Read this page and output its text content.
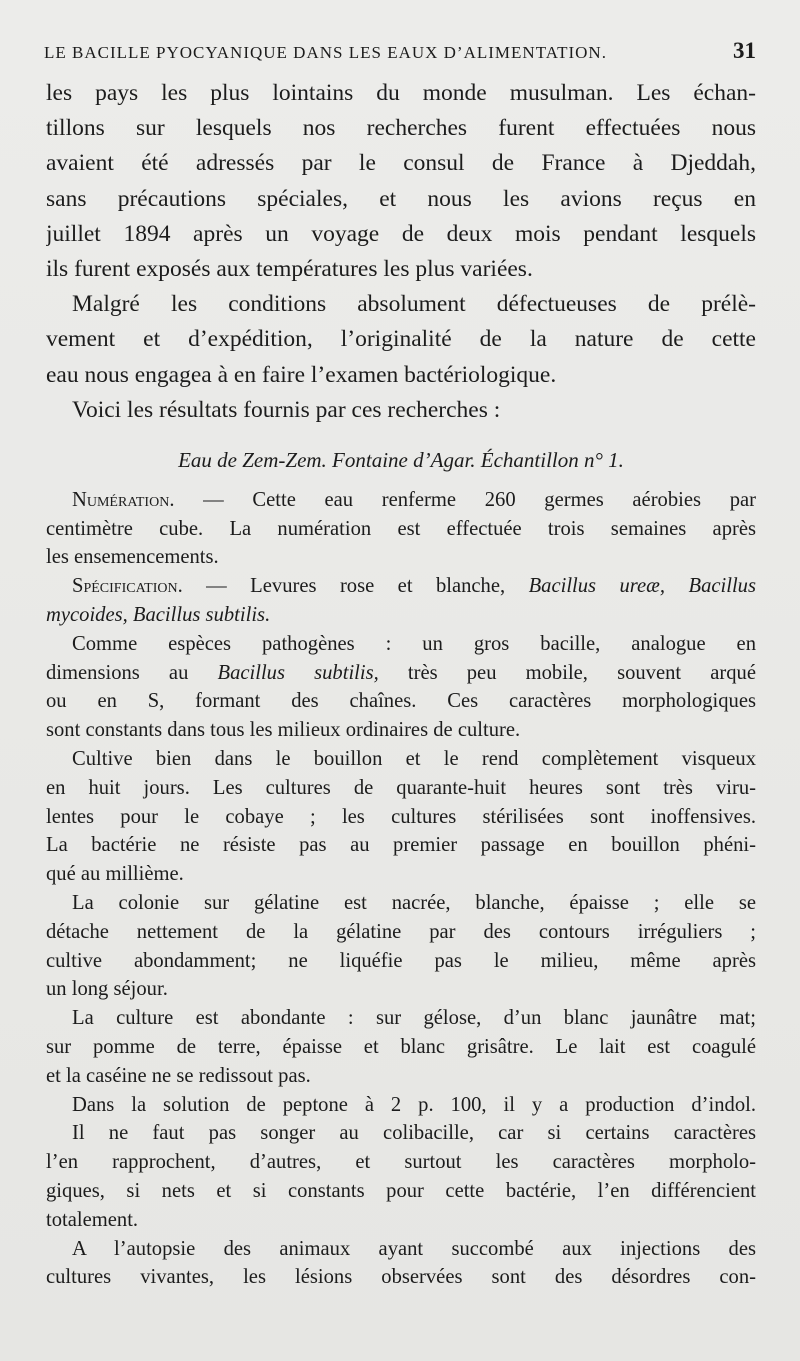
LE BACILLE PYOCYANIQUE DANS LES EAUX D’ALIMENTATION.	31
les pays les plus lointains du monde musulman. Les échan-
tillons sur lesquels nos recherches furent effectuées nous
avaient été adressés par le consul de France à Djeddah,
sans précautions spéciales, et nous les avions reçus en
juillet 1894 après un voyage de deux mois pendant lesquels
ils furent exposés aux températures les plus variées.
Malgré les conditions absolument défectueuses de prélè-
vement et d’expédition, l’originalité de la nature de cette
eau nous engagea à en faire l’examen bactériologique.
Voici les résultats fournis par ces recherches :
Eau de Zem-Zem. Fontaine d’Agar. Échantillon n° 1.
Numération. — Cette eau renferme 260 germes aérobies par
centimètre cube. La numération est effectuée trois semaines après
les ensemencements.
Spécification. — Levures rose et blanche, Bacillus ureæ, Bacillus
mycoides, Bacillus subtilis.
Comme espèces pathogènes : un gros bacille, analogue en
dimensions au Bacillus subtilis, très peu mobile, souvent arqué
ou en S, formant des chaînes. Ces caractères morphologiques
sont constants dans tous les milieux ordinaires de culture.
Cultive bien dans le bouillon et le rend complètement visqueux
en huit jours. Les cultures de quarante-huit heures sont très viru-
lentes pour le cobaye ; les cultures stérilisées sont inoffensives.
La bactérie ne résiste pas au premier passage en bouillon phéni-
qué au millième.
La colonie sur gélatine est nacrée, blanche, épaisse ; elle se
détache nettement de la gélatine par des contours irréguliers ;
cultive abondamment; ne liquéfie pas le milieu, même après
un long séjour.
La culture est abondante : sur gélose, d’un blanc jaunâtre mat;
sur pomme de terre, épaisse et blanc grisâtre. Le lait est coagulé
et la caséine ne se redissout pas.
Dans la solution de peptone à 2 p. 100, il y a production d’indol.
Il ne faut pas songer au colibacille, car si certains caractères
l’en rapprochent, d’autres, et surtout les caractères morpholo-
giques, si nets et si constants pour cette bactérie, l’en différencient
totalement.
A l’autopsie des animaux ayant succombé aux injections des
cultures vivantes, les lésions observées sont des désordres con-
